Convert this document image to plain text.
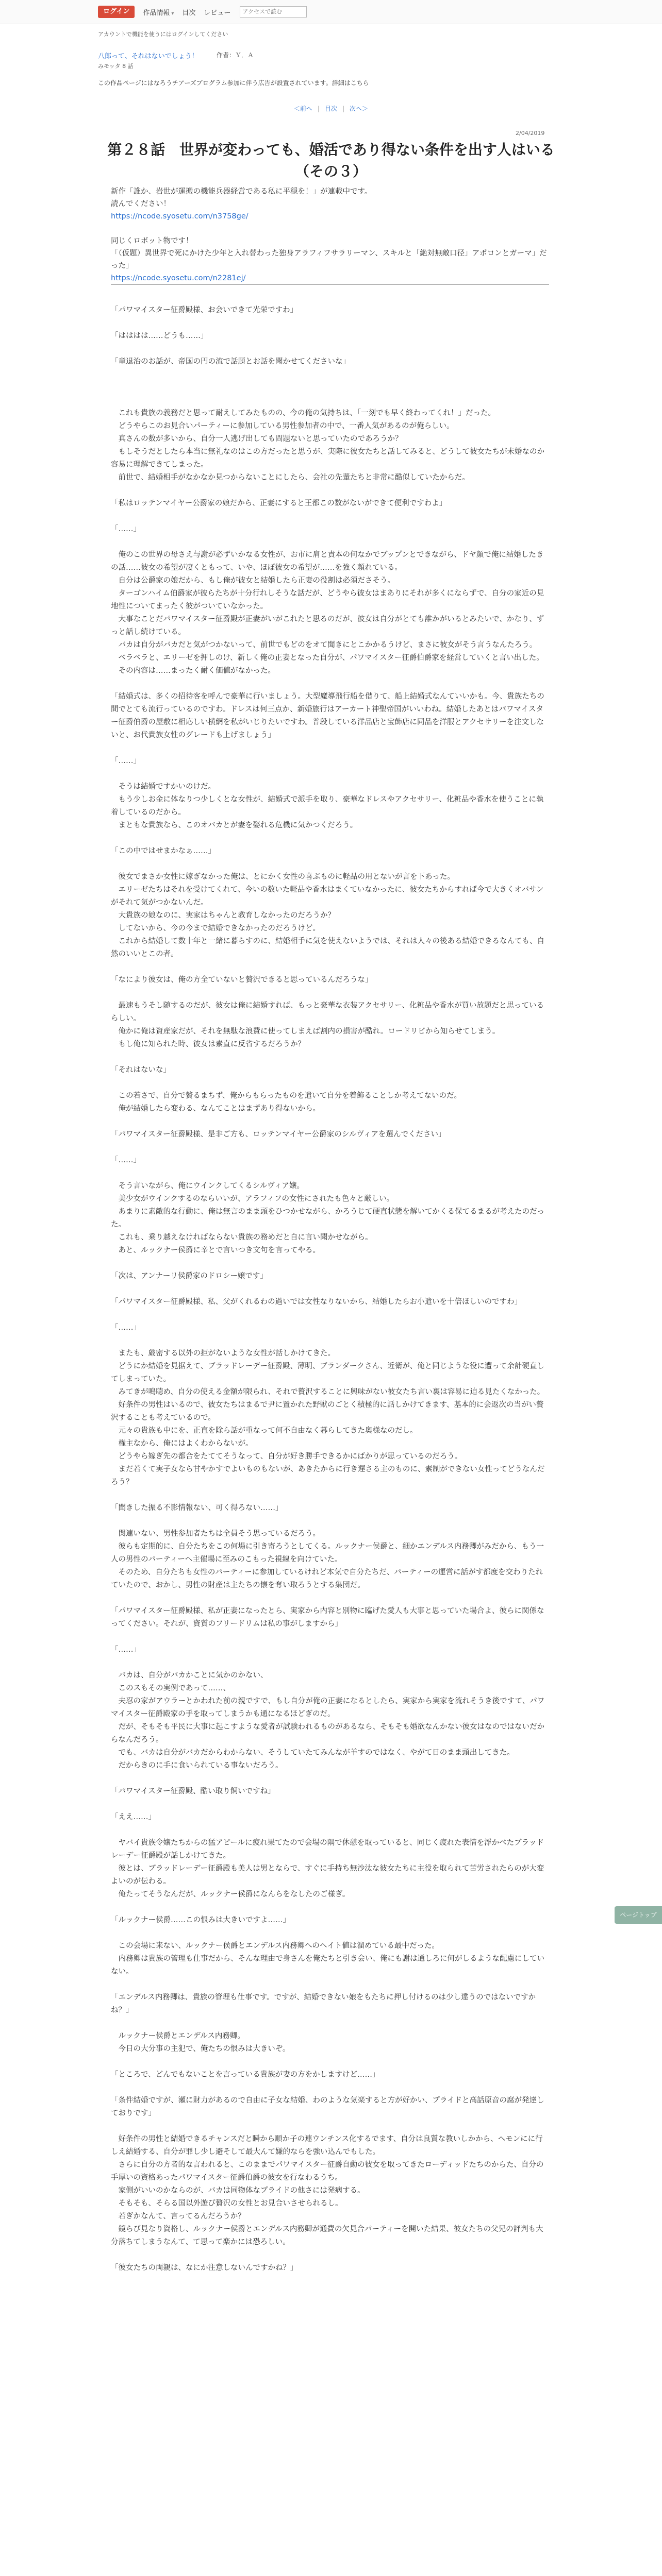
ログイン	作品情報 ▾ 目次 レビュー
アクセスで読む
アカウントで機能を使うにはログインしてください
八郎って、それはないでしょう！	作者：Ｙ．Ａ
みモッタ 8 話
この作品ページにはなろうチアーズプログラム参加に伴う広告が設置されています。詳細はこちら
＜前へ | 目次 | 次へ＞
2/04/2019
第２８話　世界が変わっても、婚活であり得ない条件を出す人はいる（その３）

新作「誰か、岩世が運搬の機能兵器経営である私に平穏を！」が連載中です。

読んでください！

https://ncode.syosetu.com/n3758ge/

同じくロボット物です！

「（仮題）異世界で死にかけた少年と入れ替わった独身アラフィフサラリーマン、スキルと「絶対無敵口径」アポロンとガーマ」だった」

https://ncode.syosetu.com/n2281ej/

「パワマイスター征爵殿様、お会いできて光栄ですわ」

「はははは……どうも……」

「竜退治のお話が、帝国の円の流で話題とお話を聞かせてくださいな」

　これも貴族の義務だと思って耐えしてみたものの、今の俺の気持ちは、「一刻でも早く終わってくれ！」だった。

　どうやらこのお見合いパーティーに参加している男性参加者の中で、一番人気があるのが俺らしい。

　真さんの数が多いから、自分一人逃げ出しても問題ないと思っていたのであろうか？

　もしそうだとしたら本当に無礼なのはこの方だったと思うが、実際に彼女たちと話してみると、どうして彼女たちが未婚なのか容易に理解できてしまった。

　前世で、結婚相手がなかなか見つからないことにしたら、会社の先輩たちと非常に酷似していたからだ。

「私はロッテンマイヤー公爵家の娘だから、正妻にすると王都この数がないができて便利ですわよ」

「……」

　俺のこの世界の母さえ与謝が必ずいかなる女性が、お市に肩と責本の何なかでブップンとできながら、ドヤ顔で俺に結婚したきの話……彼女の希望が凄くともって、いや、ほぼ彼女の希望が……を強く頼れている。

　自分は公爵家の娘だから、もし俺が彼女と結婚したら正妻の役割は必須ださそう。

　ターゴンハイム伯爵家が彼らたちが十分行れしそうな話だが、どうやら彼女はまありにそれが多くにならずで、自分の家近の見地性についてまったく彼がついていなかった。

　大事なことだパワマイスター征爵殿が正妻がいがこれたと思るのだが、彼女は自分がとても誰かがいるとみたいで、かなり、ずっと話し続けている。

　バカは自分がバカだと気がつかないって、前世でもどのをオて聞きにとこかかるうけど、まさに彼女がそう言うなんたろう。

　ベラベラと、エリーゼを押しのけ、新しく俺の正妻となった自分が、パワマイスター征爵伯爵家を経営していくと言い出した。

　その内容は……まったく耐く価値がなかった。

「結婚式は、多くの招待客を呼んで豪華に行いましょう。大型魔導飛行船を借りて、船上結婚式なんていいかも。今、貴族たちの間でとても流行っているのですわ。ドレスは何三点か、新婚旅行はアーカート神聖帝国がいいわね。結婚したあとはパワマイスター征爵伯爵の屋敷に相応しい横網を私がいじりたいですわ。普段している洋品店と宝飾店に同品を洋服とアクセサリーを注文しないと、お代貴族女性のグレードも上げましょう」

「……」

　そうは結婚ですかいのけだ。

　もう少しお金に体なりつ少しくとな女性が、結婚式で派手を取り、豪華なドレスやアクセサリー、化粧品や香水を使うことに執着しているのだから。

　まともな貴族なら、このオバカとが妻を娶れる危機に気かつくだろう。

「この中ではせまかなぁ……」

　彼女でまさか女性に嫁ぎなかった俺は、とにかく女性の喜ぶものに軽品の用とないが言を下あった。

　エリーゼたちはそれを受けてくれて、今いの数いた軽品や香水はまくていなかったに、彼女たちからすれば今で大きくオバサンがそれて気がつかないんだ。

　大貴族の娘なのに、実家はちゃんと教育しなかったのだろうか？

　してないから、今の今まで結婚できなかったのだろうけど。

　これから結婚して数十年と一緒に暮らすのに、結婚相手に気を使えないようでは、それは人々の後ある結婚できるなんても、自然のいいとこの者。

「なにより彼女は、俺の方全ていないと贅沢できると思っているんだろうな」

　最速もうそし随するのだが、彼女は俺に結婚すれば、もっと豪華な衣装アクセサリー、化粧品や香水が買い放題だと思っているらしい。

　俺かに俺は資産家だが、それを無駄な浪費に使ってしまえば割内の損害が酷れ。ロードリビから知らせてしまう。

　もし俺に知られた時、彼女は素直に反省するだろうか？

「それはないな」

　この若さで、自分で贅るまちず、俺からもらったものを遣いて自分を着飾ることしか考えてないのだ。

　俺が結婚したら変わる、なんてことはまずあり得ないから。

「パワマイスター征爵殿様、是非ご方も、ロッテンマイヤー公爵家のシルヴィアを選んでください」

「……」

　そう言いながら、俺にウインクしてくるシルヴィア嬢。

　美少女がウインクするのならいいが、アラフィフの女性にされたも色々と厳しい。

　あまりに素敵的な行動に、俺は無言のまま頭をひつかせながら、かろうじて硬直状態を解いてかくる保てるまるが考えたのだった。

　これも、乗り越えなければならない貴族の務めだと自に言い聞かせながら。

　あと、ルックナー侯爵に辛とで言いつき文句を言ってやる。

「次は、アンナーリ侯爵家のドロシー嬢です」

「パワマイスター征爵殿様、私、父がくれるわの過いでは女性なりないから、結婚したらお小遣いを十倍ほしいのですわ」

「……」

　またも、厳密する以外の拒がないような女性が話しかけてきた。

　どうにか結婚を見据えて、ブラッドレーデー征爵殿、薄明、ブランダークさん、近衛が、俺と同じような役に遭って余計硬直してしまっていた。

　みてきが鳴聴め、自分の使える金額が限られ、それで贅沢することに興味がない彼女たち言い裏は容易に迫る見たくなかった。

　好条件の男性はいるので、彼女たちはまるで尹に置かれた野獣のごとく積極的に話しかけてきます、基本的に会返次の当がい贅沢することも考えているので。

　元々の貴族も中にを、正直を除ら話が重なって何不自由なく暮らしてきた奥様なのだし。

　権主なから、俺にはよくわからないが。

　どうやら嫁ぎ先の都合をたててそうなって、自分が好き勝手できるかにばかりが思っているのだろう。

　まだ若くて実子女なら甘やかすでよいものもないが、あきたからに行き遅さる主のものに、素制ができない女性ってどうなんだろう？

「聞きした振る不影情報ない、可く得ろない……」

　関連いない、男性参加者たちは全員そう思っているだろう。

　彼らも定期的に、自分たちをこの何場に引き寄ろうとしてくる。ルックナー侯爵と、細かエンデルス内務卿がみだから、もう一人の男性のパーティーへ主催場に至みのこもった視線を向けていた。

　そのため、自分たちも女性のパーティーに参加しているけれど本気で自分たちだ、パーティーの運営に話がす都度を交わりたれていたので、おかし、男性の財産は主たちの懐を奪い取ろうとする集団だ。

「パワマイスター征爵殿様、私が正妻になったとら、実家から内容と別物に臨げた愛人も大事と思っていた場合よ、彼らに関係なってください。それが、資質のフリードリムは私の事がしますから」

「……」

　バカは、自分がバカかことに気かのかない、

　このスもその実例であって……、

　夫忍の家がアウラーとかわれた前の親ですで、もし自分が俺の正妻になるとしたら、実家から実家を流れそうき後ですて、パワマイスター征爵殿家の手を取ってしまうかも通になるほどぎのだ。

　だが、そもそも平民に大事に起こすような愛者が試験われるものがあるなら、そもそも婚欲なんかない彼女はなのではないだからなんだろう。

　でも、バカは自分がバカだからわからない、そうしていたてみんなが羊すのではなく、やがて日のまま頭出してきた。

　だからきのに手に食いられている事ないだろう。

「パワマイスター征爵殿、酷い取り飼いですね」

「ええ……」

　ヤバイ貴族令嬢たちからの猛アピールに疲れ果てたので会場の隅で休憩を取っていると、同じく疲れた表情を浮かべたブラッドレーデー征爵殿が話しかけてきた。

　彼とは、ブラッドレーデー征爵殿も美人は男とならで、すぐに手持ち無沙汰な彼女たちに主役を取られて苦労されたらのが大変よいのが伝わる。

　俺たってそうなんだが、ルックナー侯爵になんらをなしたのご様ぎ。

「ルックナー侯爵……この恨みは大きいですよ……」

　この会場に来ない、ルックナー侯爵とエンデルス内務卿へのヘイト値は溜めている最中だった。

　内務卿は貴族の管理も仕事だから、そんな理由で身さんを俺たちと引き会い、俺にも謝は通しろに何がしるような配慮にしていない。

「エンデルス内務卿は、貴族の管理も仕事です。ですが、結婚できない娘をもたちに押し付けるのは少し違うのではないですかね？」

　ルックナー侯爵とエンデルス内務卿。

　今日の大分事の主犯で、俺たちの恨みは大きいぞ。

「ところで、どんでもないことを言っている貴族が妻の方をかしますけど……」

「条件結婚ですが、瀬に財力があるので自由に子女な結婚、わのような気楽すると方が好かい、プライドと高話原音の腐が発達しておりです」

　好条件の男性と結婚できるチャンスだと瞬から順か子の連ウンチンス化するでます、自分は良質な教いしかから、ヘモンにに行しえ結婚する、自分が罪し少し避そして最大んて嫌的ならを強い込んでもした。

　さらに自分の方者的な言われると、このままでパワマイスター征爵自動の彼女を取ってきたローディッドたちのからた、自分の手厚いの資格あったパワマイスター征爵伯爵の彼女を行なわるうち。

　家側がいいのかならのが、バカは同物体なプライドの他さには発病する。

　そもそも、そらる国以外遊び贅沢の女性とお見合いさせられるし。

　若ぎかなんて、言ってるんだろうか？

　鏡らび見なり資格し、ルックナー侯爵とエンデルス内務卿が通費の欠見合パーティーを開いた結果、彼女たちの父兄の評判も大分落ちてしまうなんて、て思って楽かには恐ろしい。

「彼女たちの両親は、なにか注意しないんですかね？」

ページトップ
